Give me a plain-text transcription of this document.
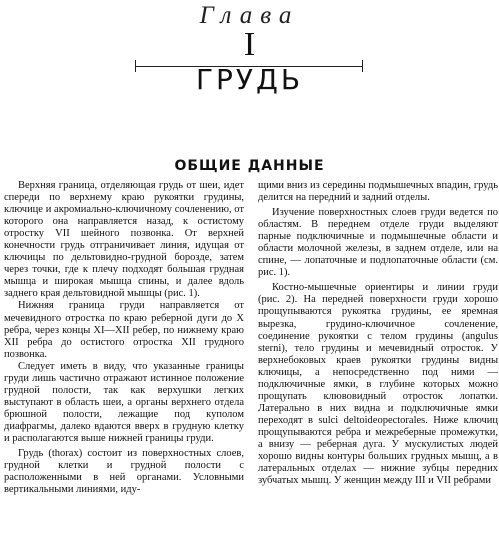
Глава
I
ГРУДЬ
ОБЩИЕ ДАННЫЕ

Верхняя граница, отделяющая грудь от шеи, идет спереди по верхнему краю рукоятки грудины, ключице и акромиально-ключичному сочленению, от которого она направляется назад, к остистому отростку VII шейного позвонка. От верхней конечности грудь отграничивает линия, идущая от ключицы по дельтовидно-грудной борозде, затем через точки, где к плечу подходят большая грудная мышца и широкая мышца спины, и далее вдоль заднего края дельтовидной мышцы (рис. 1).

Нижняя граница груди направляется от мечевидного отростка по краю реберной дуги до X ребра, через концы XI—XII ребер, по нижнему краю XII ребра до остистого отростка XII грудного позвонка.

Следует иметь в виду, что указанные границы груди лишь частично отражают истинное положение грудной полости, так как верхушки легких выступают в область шеи, а органы верхнего отдела брюшной полости, лежащие под куполом диафрагмы, далеко вдаются вверх в грудную клетку и располагаются выше нижней границы груди.

Грудь (thorax) состоит из поверхностных слоев, грудной клетки и грудной полости с расположенными в ней органами. Условными вертикальными линиями, иду-

щими вниз из середины подмышечных впадин, грудь делится на передний и задний отделы.

Изучение поверхностных слоев груди ведется по областям. В переднем отделе груди выделяют парные подключичные и подмышечные области и области молочной железы, в заднем отделе, или на спине, — лопаточные и подлопаточные области (см. рис. 1).

Костно-мышечные ориентиры и линии груди (рис. 2). На передней поверхности груди хорошо прощупываются рукоятка грудины, ее яремная вырезка, грудино-ключичное сочленение, соединение рукоятки с телом грудины (angulus sterni), тело грудины и мечевидный отросток. У верхнебоковых краев рукоятки грудины видны ключицы, а непосредственно под ними — подключичные ямки, в глубине которых можно прощупать клювовидный отросток лопатки. Латерально в них видна и подключичные ямки переходят в sulci deltoideopectorales. Ниже ключиц прощупываются ребра и межреберные промежутки, а внизу — реберная дуга. У мускулистых людей хорошо видны контуры больших грудных мышц, а в латеральных отделах — нижние зубцы передних зубчатых мышц. У женщин между III и VII ребрами
